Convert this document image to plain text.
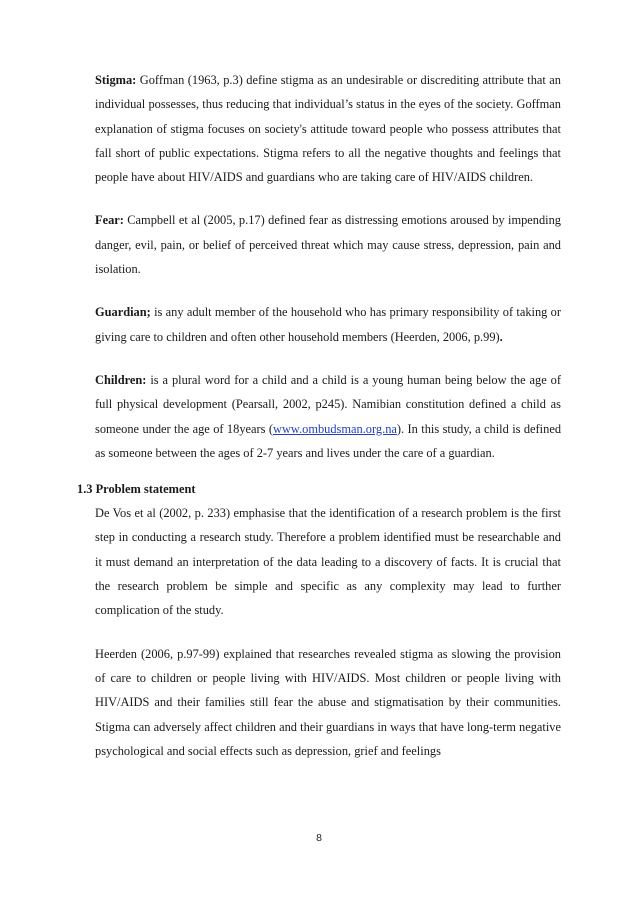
Stigma: Goffman (1963, p.3) define stigma as an undesirable or discrediting attribute that an individual possesses, thus reducing that individual’s status in the eyes of the society. Goffman explanation of stigma focuses on society's attitude toward people who possess attributes that fall short of public expectations. Stigma refers to all the negative thoughts and feelings that people have about HIV/AIDS and guardians who are taking care of HIV/AIDS children.

Fear: Campbell et al (2005, p.17) defined fear as distressing emotions aroused by impending danger, evil, pain, or belief of perceived threat which may cause stress, depression, pain and isolation.

Guardian; is any adult member of the household who has primary responsibility of taking or giving care to children and often other household members (Heerden, 2006, p.99).

Children: is a plural word for a child and a child is a young human being below the age of full physical development (Pearsall, 2002, p245). Namibian constitution defined a child as someone under the age of 18years (www.ombudsman.org.na). In this study, a child is defined as someone between the ages of 2-7 years and lives under the care of a guardian.

1.3 Problem statement

De Vos et al (2002, p. 233) emphasise that the identification of a research problem is the first step in conducting a research study. Therefore a problem identified must be researchable and it must demand an interpretation of the data leading to a discovery of facts. It is crucial that the research problem be simple and specific as any complexity may lead to further complication of the study.

Heerden (2006, p.97-99) explained that researches revealed stigma as slowing the provision of care to children or people living with HIV/AIDS. Most children or people living with HIV/AIDS and their families still fear the abuse and stigmatisation by their communities. Stigma can adversely affect children and their guardians in ways that have long-term negative psychological and social effects such as depression, grief and feelings

8
